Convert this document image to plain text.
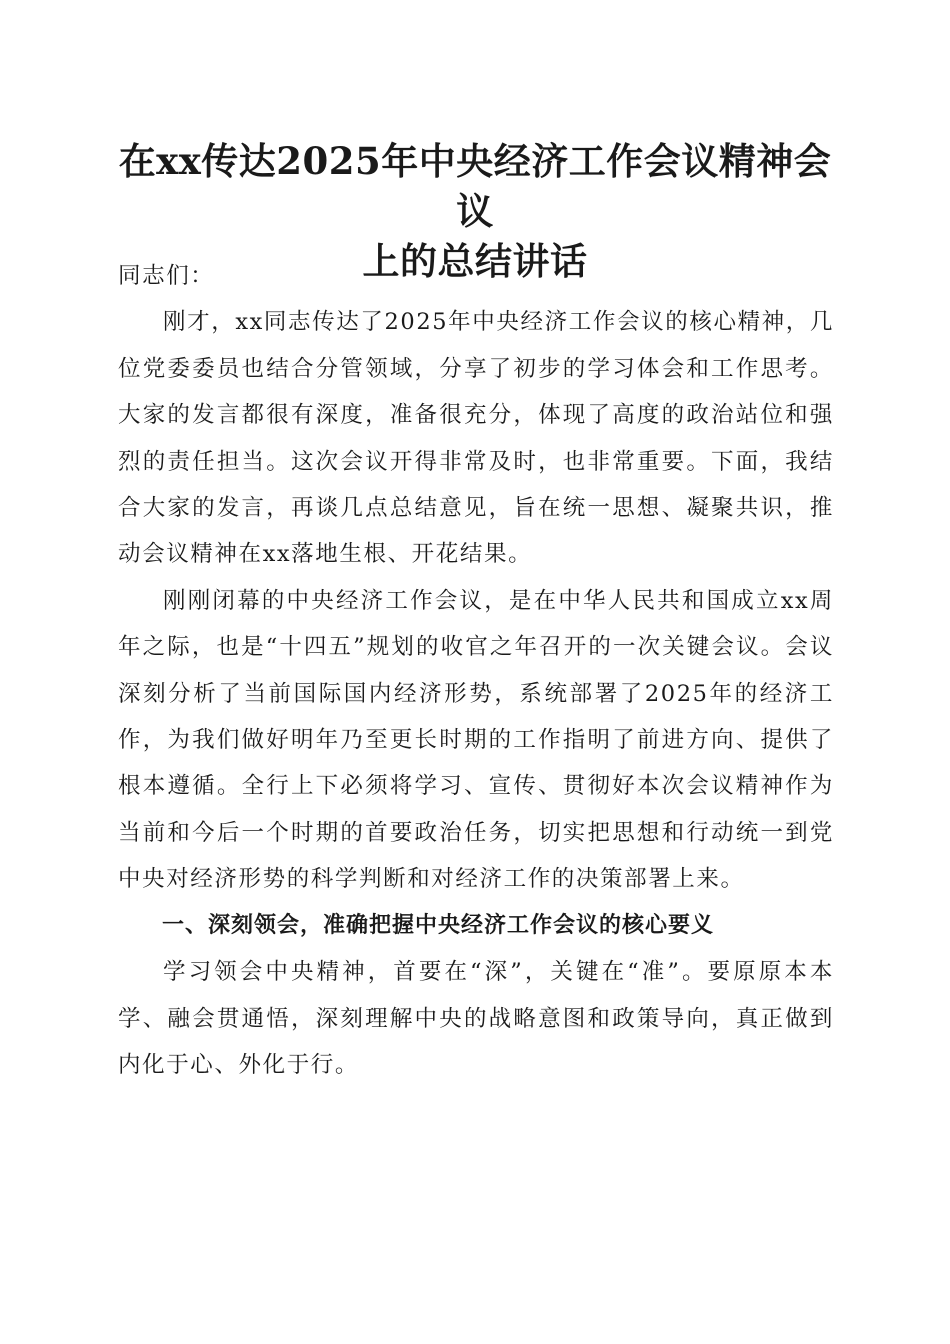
在xx传达2025年中央经济工作会议精神会议
上的总结讲话

同志们：

刚才，xx同志传达了2025年中央经济工作会议的核心精神，几位党委委员也结合分管领域，分享了初步的学习体会和工作思考。大家的发言都很有深度，准备很充分，体现了高度的政治站位和强烈的责任担当。这次会议开得非常及时，也非常重要。下面，我结合大家的发言，再谈几点总结意见，旨在统一思想、凝聚共识，推动会议精神在xx落地生根、开花结果。

刚刚闭幕的中央经济工作会议，是在中华人民共和国成立xx周年之际，也是“十四五”规划的收官之年召开的一次关键会议。会议深刻分析了当前国际国内经济形势，系统部署了2025年的经济工作，为我们做好明年乃至更长时期的工作指明了前进方向、提供了根本遵循。全行上下必须将学习、宣传、贯彻好本次会议精神作为当前和今后一个时期的首要政治任务，切实把思想和行动统一到党中央对经济形势的科学判断和对经济工作的决策部署上来。

一、深刻领会，准确把握中央经济工作会议的核心要义

学习领会中央精神，首要在“深”，关键在“准”。要原原本本学、融会贯通悟，深刻理解中央的战略意图和政策导向，真正做到内化于心、外化于行。
